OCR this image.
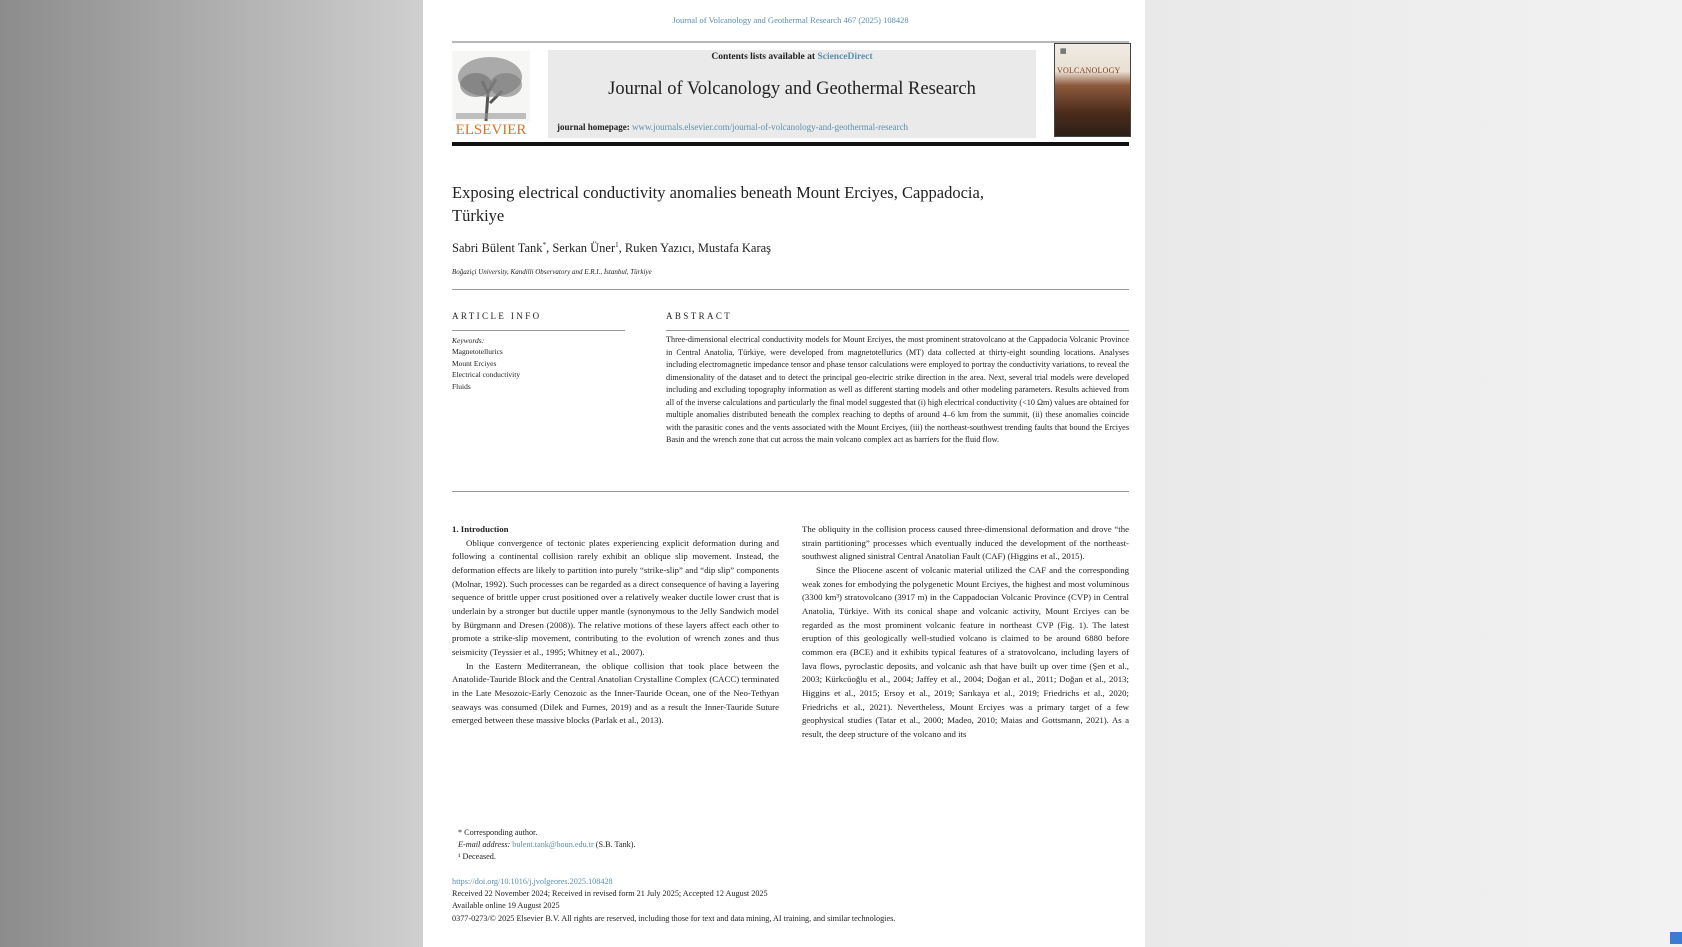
Journal of Volcanology and Geothermal Research 467 (2025) 108428
ELSEVIER
Contents lists available at ScienceDirect
Journal of Volcanology and Geothermal Research
journal homepage: www.journals.elsevier.com/journal-of-volcanology-and-geothermal-research
▦
VOLCANOLOGY
Exposing electrical conductivity anomalies beneath Mount Erciyes, Cappadocia, Türkiye
Sabri Bülent Tank*, Serkan Üner$^1$, Ruken Yazıcı, Mustafa Karaş
Boğaziçi University, Kandilli Observatory and E.R.I., İstanbul, Türkiye
ARTICLE INFO	ABSTRACT
Keywords:
Magnetotellurics
Mount Erciyes
Electrical conductivity
Fluids
Three-dimensional electrical conductivity models for Mount Erciyes, the most prominent stratovolcano at the Cappadocia Volcanic Province in Central Anatolia, Türkiye, were developed from magnetotellurics (MT) data collected at thirty-eight sounding locations. Analyses including electromagnetic impedance tensor and phase tensor calculations were employed to portray the conductivity variations, to reveal the dimensionality of the dataset and to detect the principal geo-electric strike direction in the area. Next, several trial models were developed including and excluding topography information as well as different starting models and other modeling parameters. Results achieved from all of the inverse calculations and particularly the final model suggested that (i) high electrical conductivity (<10 Ωm) values are obtained for multiple anomalies distributed beneath the complex reaching to depths of around 4–6 km from the summit, (ii) these anomalies coincide with the parasitic cones and the vents associated with the Mount Erciyes, (iii) the northeast-southwest trending faults that bound the Erciyes Basin and the wrench zone that cut across the main volcano complex act as barriers for the fluid flow.

1. Introduction

Oblique convergence of tectonic plates experiencing explicit deformation during and following a continental collision rarely exhibit an oblique slip movement. Instead, the deformation effects are likely to partition into purely “strike-slip” and “dip slip” components (Molnar, 1992). Such processes can be regarded as a direct consequence of having a layering sequence of brittle upper crust positioned over a relatively weaker ductile lower crust that is underlain by a stronger but ductile upper mantle (synonymous to the Jelly Sandwich model by Bürgmann and Dresen (2008)). The relative motions of these layers affect each other to promote a strike-slip movement, contributing to the evolution of wrench zones and thus seismicity (Teyssier et al., 1995; Whitney et al., 2007).

In the Eastern Mediterranean, the oblique collision that took place between the Anatolide-Tauride Block and the Central Anatolian Crystalline Complex (CACC) terminated in the Late Mesozoic-Early Cenozoic as the Inner-Tauride Ocean, one of the Neo-Tethyan seaways was consumed (Dilek and Furnes, 2019) and as a result the Inner-Tauride Suture emerged between these massive blocks (Parlak et al., 2013).

The obliquity in the collision process caused three-dimensional deformation and drove “the strain partitioning” processes which eventually induced the development of the northeast-southwest aligned sinistral Central Anatolian Fault (CAF) (Higgins et al., 2015).

Since the Pliocene ascent of volcanic material utilized the CAF and the corresponding weak zones for embodying the polygenetic Mount Erciyes, the highest and most voluminous (3300 km³) stratovolcano (3917 m) in the Cappadocian Volcanic Province (CVP) in Central Anatolia, Türkiye. With its conical shape and volcanic activity, Mount Erciyes can be regarded as the most prominent volcanic feature in northeast CVP (Fig. 1). The latest eruption of this geologically well-studied volcano is claimed to be around 6880 before common era (BCE) and it exhibits typical features of a stratovolcano, including layers of lava flows, pyroclastic deposits, and volcanic ash that have built up over time (Şen et al., 2003; Kürkcüoğlu et al., 2004; Jaffey et al., 2004; Doğan et al., 2011; Doğan et al., 2013; Higgins et al., 2015; Ersoy et al., 2019; Sarıkaya et al., 2019; Friedrichs et al., 2020; Friedrichs et al., 2021). Nevertheless, Mount Erciyes was a primary target of a few geophysical studies (Tatar et al., 2000; Madeo, 2010; Maias and Gottsmann, 2021). As a result, the deep structure of the volcano and its

* Corresponding author.
E-mail address: bulent.tank@boun.edu.tr (S.B. Tank).
¹ Deceased.
https://doi.org/10.1016/j.jvolgeores.2025.108428
Received 22 November 2024; Received in revised form 21 July 2025; Accepted 12 August 2025
Available online 19 August 2025
0377-0273/© 2025 Elsevier B.V. All rights are reserved, including those for text and data mining, AI training, and similar technologies.
